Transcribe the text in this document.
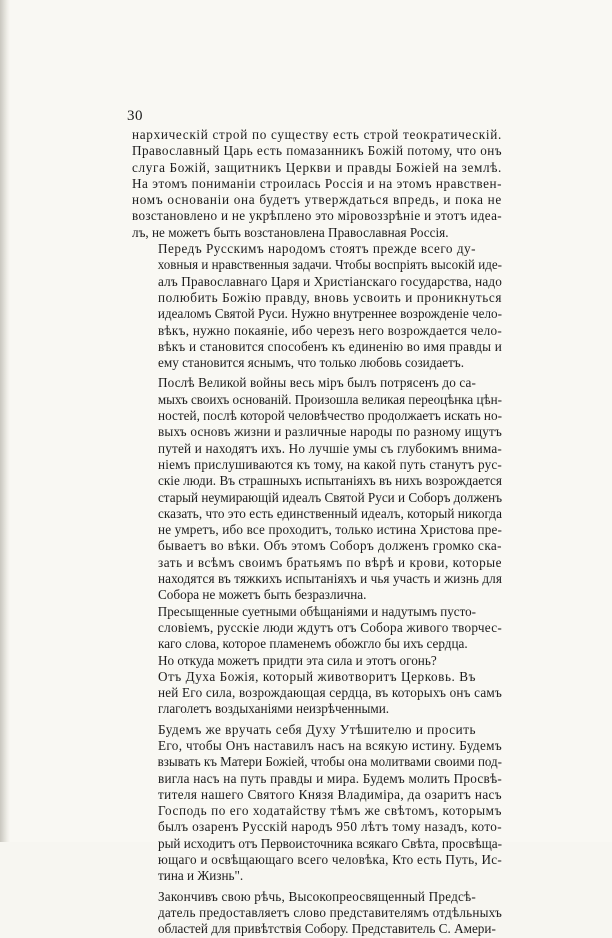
30

нархическій строй по существу есть строй теократическій.
Православный Царь есть помазанникъ Божій потому, что онъ
слуга Божій, защитникъ Церкви и правды Божіей на землѣ.
На этомъ пониманіи строилась Россія и на этомъ нравствен-
номъ основаніи она будетъ утверждаться впредь, и пока не
возстановлено и не укрѣплено это міровоззрѣніе и этотъ идеа-
лъ, не можетъ быть возстановлена Православная Россія.

Передъ Русскимъ народомъ стоятъ прежде всего ду-
ховныя и нравственныя задачи. Чтобы воспріять высокій иде-
алъ Православнаго Царя и Христіанскаго государства, надо
полюбить Божію правду, вновь усвоить и проникнуться
идеаломъ Святой Руси. Нужно внутреннее возрожденіе чело-
вѣкъ, нужно покаяніе, ибо черезъ него возрождается чело-
вѣкъ и становится способенъ къ единенію во имя правды и
ему становится яснымъ, что только любовь созидаетъ.

Послѣ Великой войны весь міръ былъ потрясенъ до са-
мыхъ своихъ основаній. Произошла великая переоцѣнка цѣн-
ностей, послѣ которой человѣчество продолжаетъ искать но-
выхъ основъ жизни и различные народы по разному ищутъ
путей и находятъ ихъ. Но лучшіе умы съ глубокимъ внима-
ніемъ прислушиваются къ тому, на какой путь станутъ рус-
скіе люди. Въ страшныхъ испытаніяхъ въ нихъ возрождается
старый неумирающій идеалъ Святой Руси и Соборъ долженъ
сказать, что это есть единственный идеалъ, который никогда
не умретъ, ибо все проходитъ, только истина Христова пре-
бываетъ во вѣки. Объ этомъ Соборъ долженъ громко ска-
зать и всѣмъ своимъ братьямъ по вѣрѣ и крови, которые
находятся въ тяжкихъ испытаніяхъ и чья участь и жизнь для
Собора не можетъ быть безразлична.

Пресыщенные суетными обѣщаніями и надутымъ пусто-
словіемъ, русскіе люди ждутъ отъ Собора живого творчес-
каго слова, которое пламенемъ обожгло бы ихъ сердца.

Но откуда можетъ придти эта сила и этотъ огонь?

Отъ Духа Божія, который животворитъ Церковь. Въ
ней Его сила, возрождающая сердца, въ которыхъ онъ самъ
глаголетъ воздыханіями неизрѣченными.

Будемъ же вручать себя Духу Утѣшителю и просить
Его, чтобы Онъ наставилъ насъ на всякую истину. Будемъ
взывать къ Матери Божіей, чтобы она молитвами своими под-
вигла насъ на путь правды и мира. Будемъ молить Просвѣ-
тителя нашего Святого Князя Владиміра, да озаритъ насъ
Господь по его ходатайству тѣмъ же свѣтомъ, которымъ
былъ озаренъ Русскій народъ 950 лѣтъ тому назадъ, кото-
рый исходитъ отъ Первоисточника всякаго Свѣта, просвѣща-
ющаго и освѣщающаго всего человѣка, Кто есть Путь, Ис-
тина и Жизнь".

Закончивъ свою рѣчь, Высокопреосвященный Предсѣ-
датель предоставляетъ слово представителямъ отдѣльныхъ
областей для привѣтствія Собору. Представитель С. Амери-
